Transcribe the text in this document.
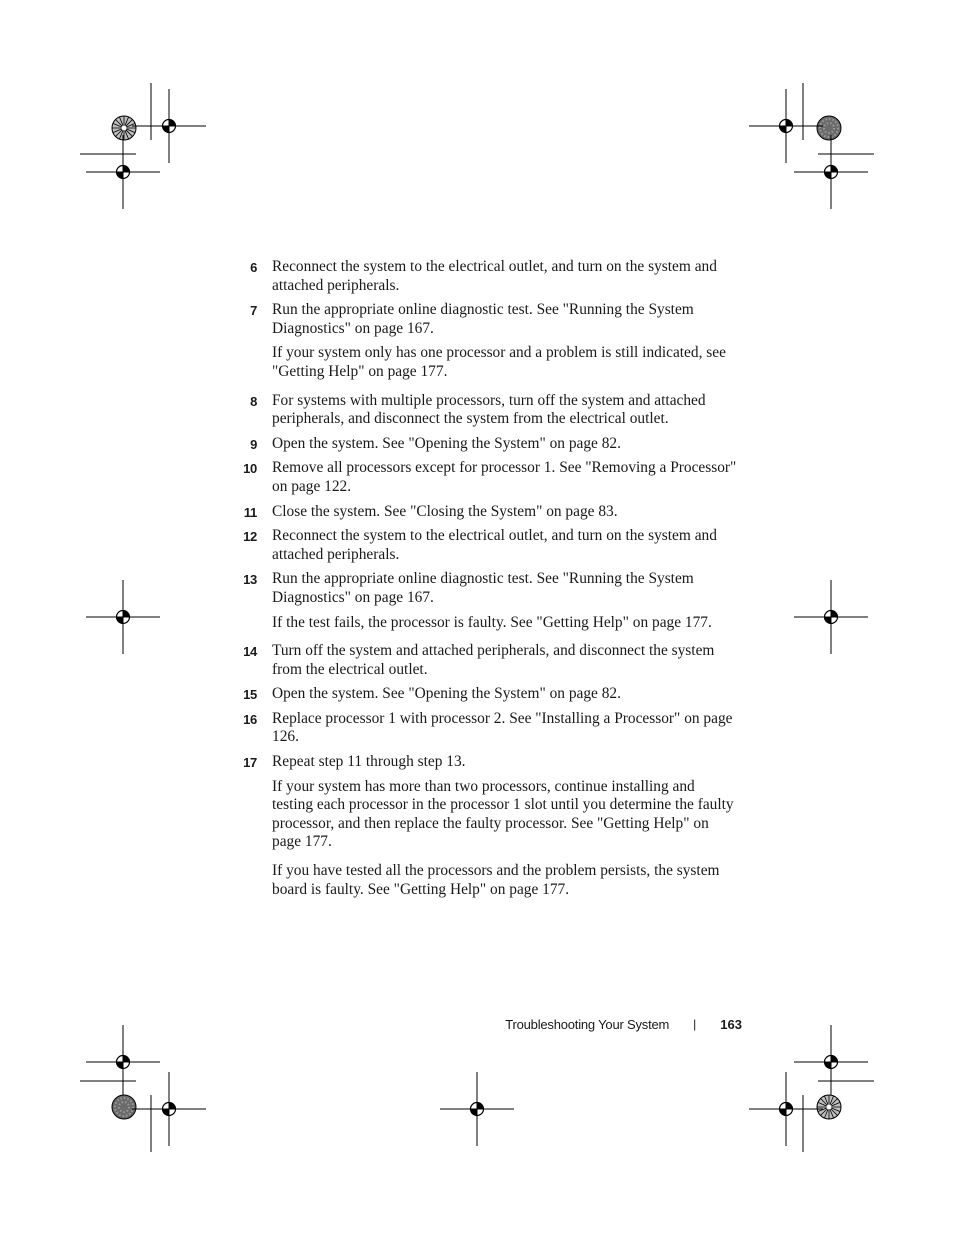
6 Reconnect the system to the electrical outlet, and turn on the system and attached peripherals.

7 Run the appropriate online diagnostic test. See "Running the System Diagnostics" on page 167.

If your system only has one processor and a problem is still indicated, see "Getting Help" on page 177.

8 For systems with multiple processors, turn off the system and attached peripherals, and disconnect the system from the electrical outlet.

9 Open the system. See "Opening the System" on page 82.

10 Remove all processors except for processor 1. See "Removing a Processor" on page 122.

11 Close the system. See "Closing the System" on page 83.

12 Reconnect the system to the electrical outlet, and turn on the system and attached peripherals.

13 Run the appropriate online diagnostic test. See "Running the System Diagnostics" on page 167.

If the test fails, the processor is faulty. See "Getting Help" on page 177.

14 Turn off the system and attached peripherals, and disconnect the system from the electrical outlet.

15 Open the system. See "Opening the System" on page 82.

16 Replace processor 1 with processor 2. See "Installing a Processor" on page 126.

17 Repeat step 11 through step 13.

If your system has more than two processors, continue installing and testing each processor in the processor 1 slot until you determine the faulty processor, and then replace the faulty processor. See "Getting Help" on page 177.

If you have tested all the processors and the problem persists, the system board is faulty. See "Getting Help" on page 177.

Troubleshooting Your System | 163
